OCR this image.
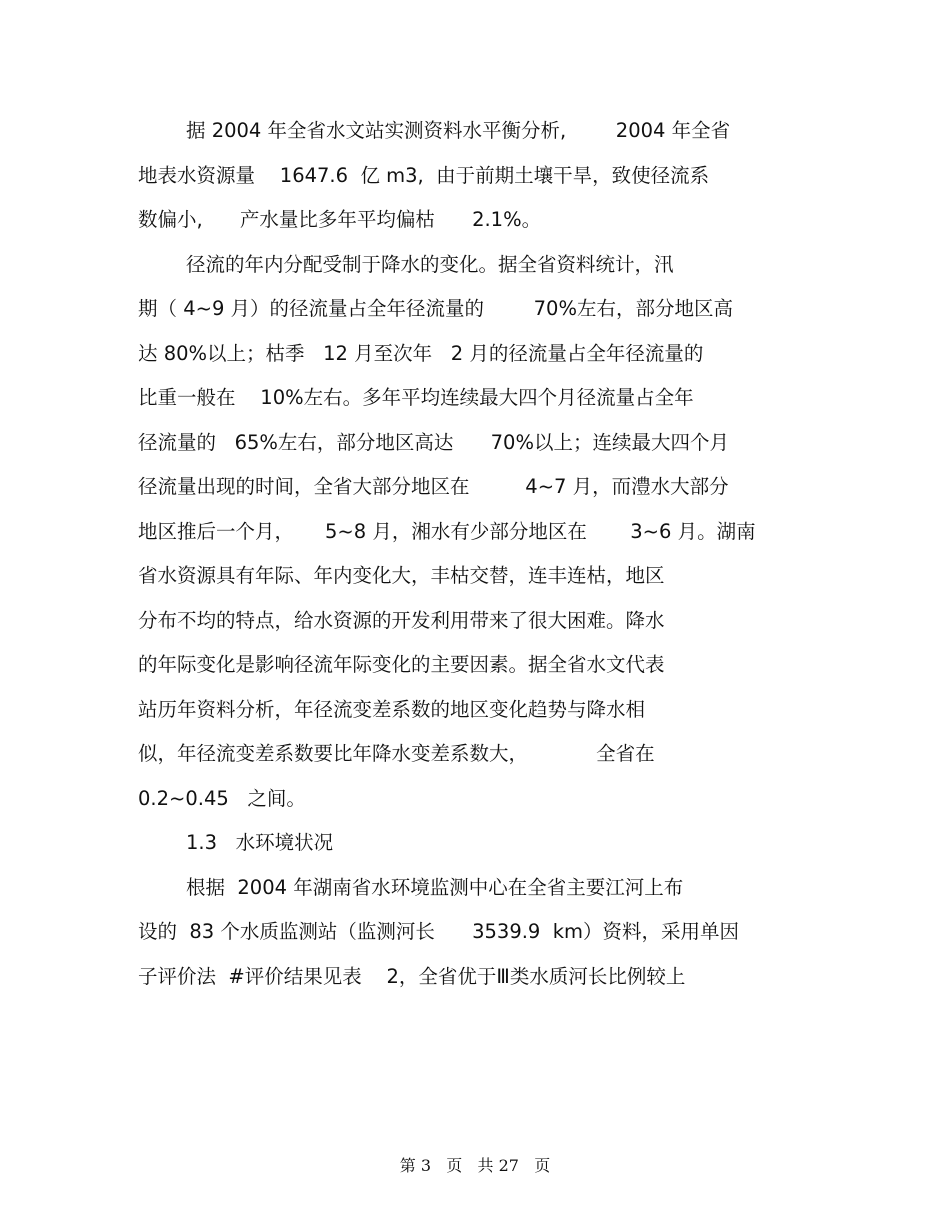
据 2004 年全省水文站实测资料水平衡分析,        2004 年全省
地表水资源量    1647.6  亿 m3,  由于前期土壤干旱，致使径流系
数偏小,      产水量比多年平均偏枯      2.1%。
径流的年内分配受制于降水的变化。据全省资料统计，汛
期（ 4~9 月）的径流量占全年径流量的        70%左右，部分地区高
达 80%以上；枯季   12 月至次年   2 月的径流量占全年径流量的
比重一般在    10%左右。多年平均连续最大四个月径流量占全年
径流量的   65%左右，部分地区高达      70%以上；连续最大四个月
径流量出现的时间，全省大部分地区在         4~7 月，而澧水大部分
地区推后一个月，     5~8 月，湘水有少部分地区在       3~6 月。湖南
省水资源具有年际、年内变化大，丰枯交替，连丰连枯，地区
分布不均的特点，给水资源的开发利用带来了很大困难。降水
的年际变化是影响径流年际变化的主要因素。据全省水文代表
站历年资料分析，年径流变差系数的地区变化趋势与降水相
似，年径流变差系数要比年降水变差系数大，           全省在
0.2~0.45   之间。
1.3   水环境状况
根据  2004 年湖南省水环境监测中心在全省主要江河上布
设的  83 个水质监测站（监测河长      3539.9  km）资料，采用单因
子评价法  #评价结果见表    2，全省优于Ⅲ类水质河长比例较上
第 3   页   共 27   页
